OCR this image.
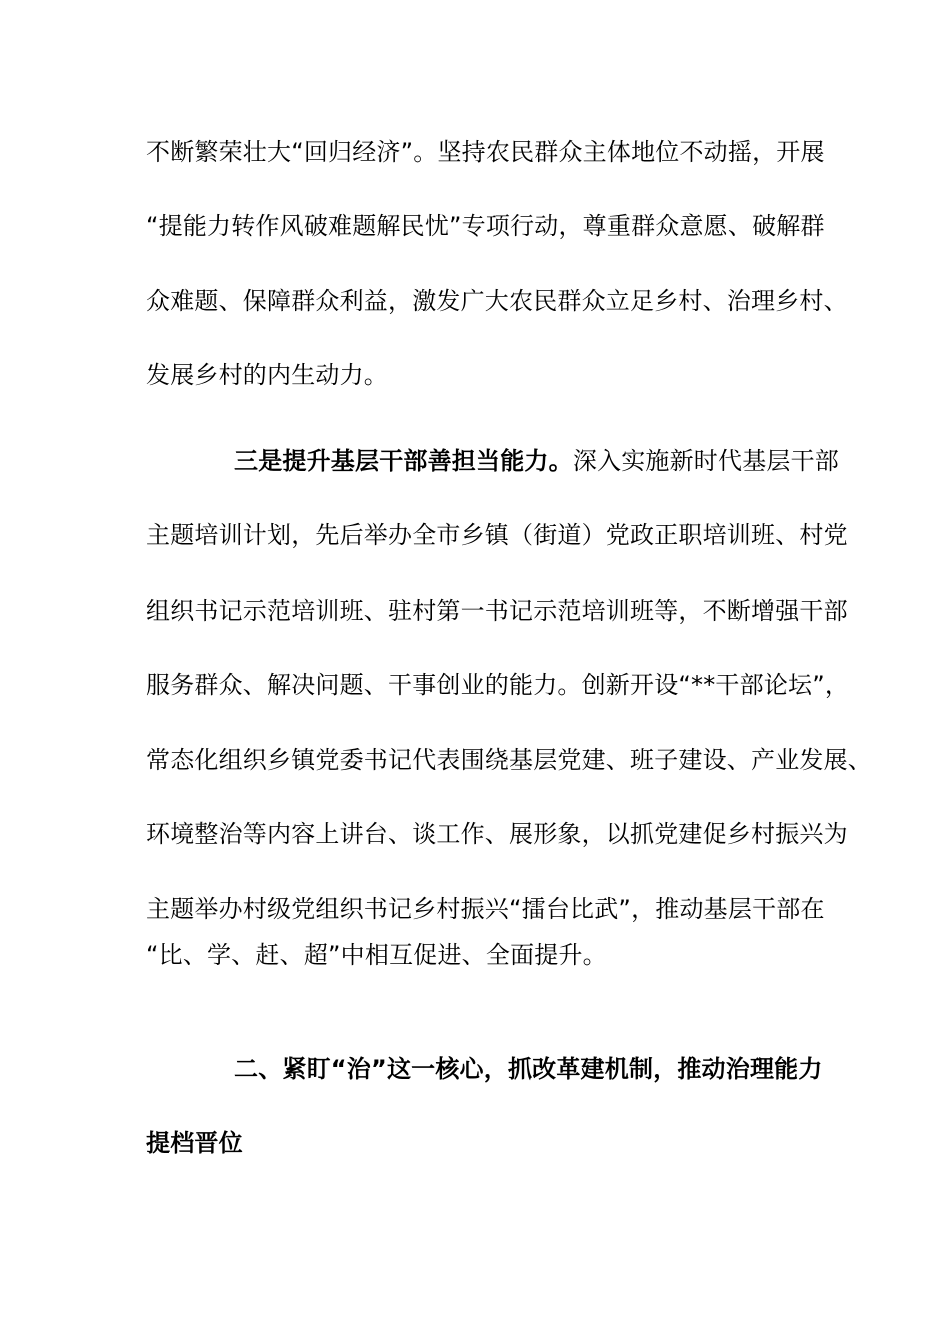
不断繁荣壮大“回归经济”。坚持农民群众主体地位不动摇，开展
“提能力转作风破难题解民忧”专项行动，尊重群众意愿、破解群
众难题、保障群众利益，激发广大农民群众立足乡村、治理乡村、
发展乡村的内生动力。
三是提升基层干部善担当能力。深入实施新时代基层干部
主题培训计划，先后举办全市乡镇（街道）党政正职培训班、村党
组织书记示范培训班、驻村第一书记示范培训班等，不断增强干部
服务群众、解决问题、干事创业的能力。创新开设“**干部论坛”，
常态化组织乡镇党委书记代表围绕基层党建、班子建设、产业发展、
环境整治等内容上讲台、谈工作、展形象，以抓党建促乡村振兴为
主题举办村级党组织书记乡村振兴“擂台比武”，推动基层干部在
“比、学、赶、超”中相互促进、全面提升。
二、紧盯“治”这一核心，抓改革建机制，推动治理能力
提档晋位
